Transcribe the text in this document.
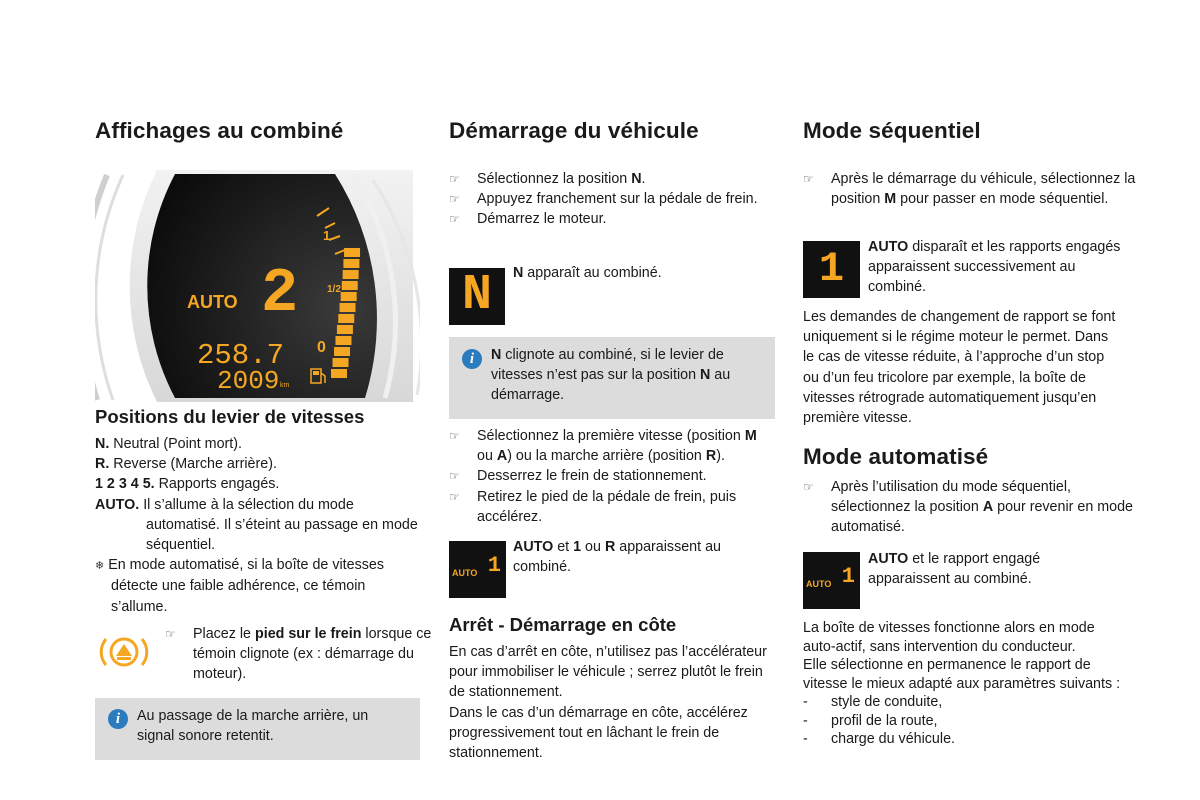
Affichages au combiné
1
1/2
0
AUTO 2
258.7
2009 km
Positions du levier de vitesses

N. Neutral (Point mort).

R. Reverse (Marche arrière).

1 2 3 4 5. Rapports engagés.

AUTO. Il s’allume à la sélection du mode automatisé. Il s’éteint au passage en mode séquentiel.

❄ En mode automatisé, si la boîte de vitesses détecte une faible adhérence, ce témoin s’allume.

☞ Placez le pied sur le frein lorsque ce témoin clignote (ex : démarrage du moteur).
i	Au passage de la marche arrière, un signal sonore retentit.
Démarrage du véhicule

☞ Sélectionnez la position N.

☞ Appuyez franchement sur la pédale de frein.

☞ Démarrez le moteur.

N	N apparaît au combiné.

i	N clignote au combiné, si le levier de vitesses n’est pas sur la position N au démarrage.

☞ Sélectionnez la première vitesse (position M ou A) ou la marche arrière (position R).

☞ Desserrez le frein de stationnement.

☞ Retirez le pied de la pédale de frein, puis accélérez.

AUTO 1

AUTO et 1 ou R apparaissent au combiné.

Arrêt - Démarrage en côte

En cas d’arrêt en côte, n’utilisez pas l’accélérateur pour immobiliser le véhicule ; serrez plutôt le frein de stationnement.

Dans le cas d’un démarrage en côte, accélérez progressivement tout en lâchant le frein de stationnement.

Mode séquentiel

☞ Après le démarrage du véhicule, sélectionnez la position M pour passer en mode séquentiel.

1	AUTO disparaît et les rapports engagés apparaissent successivement au combiné.

Les demandes de changement de rapport se font uniquement si le régime moteur le permet. Dans le cas de vitesse réduite, à l’approche d’un stop ou d’un feu tricolore par exemple, la boîte de vitesses rétrograde automatiquement jusqu’en première vitesse.

Mode automatisé

☞ Après l’utilisation du mode séquentiel, sélectionnez la position A pour revenir en mode automatisé.

AUTO 1

AUTO et le rapport engagé apparaissent au combiné.

La boîte de vitesses fonctionne alors en mode auto-actif, sans intervention du conducteur.

Elle sélectionne en permanence le rapport de vitesse le mieux adapté aux paramètres suivants :

- style de conduite,

- profil de la route,

- charge du véhicule.
